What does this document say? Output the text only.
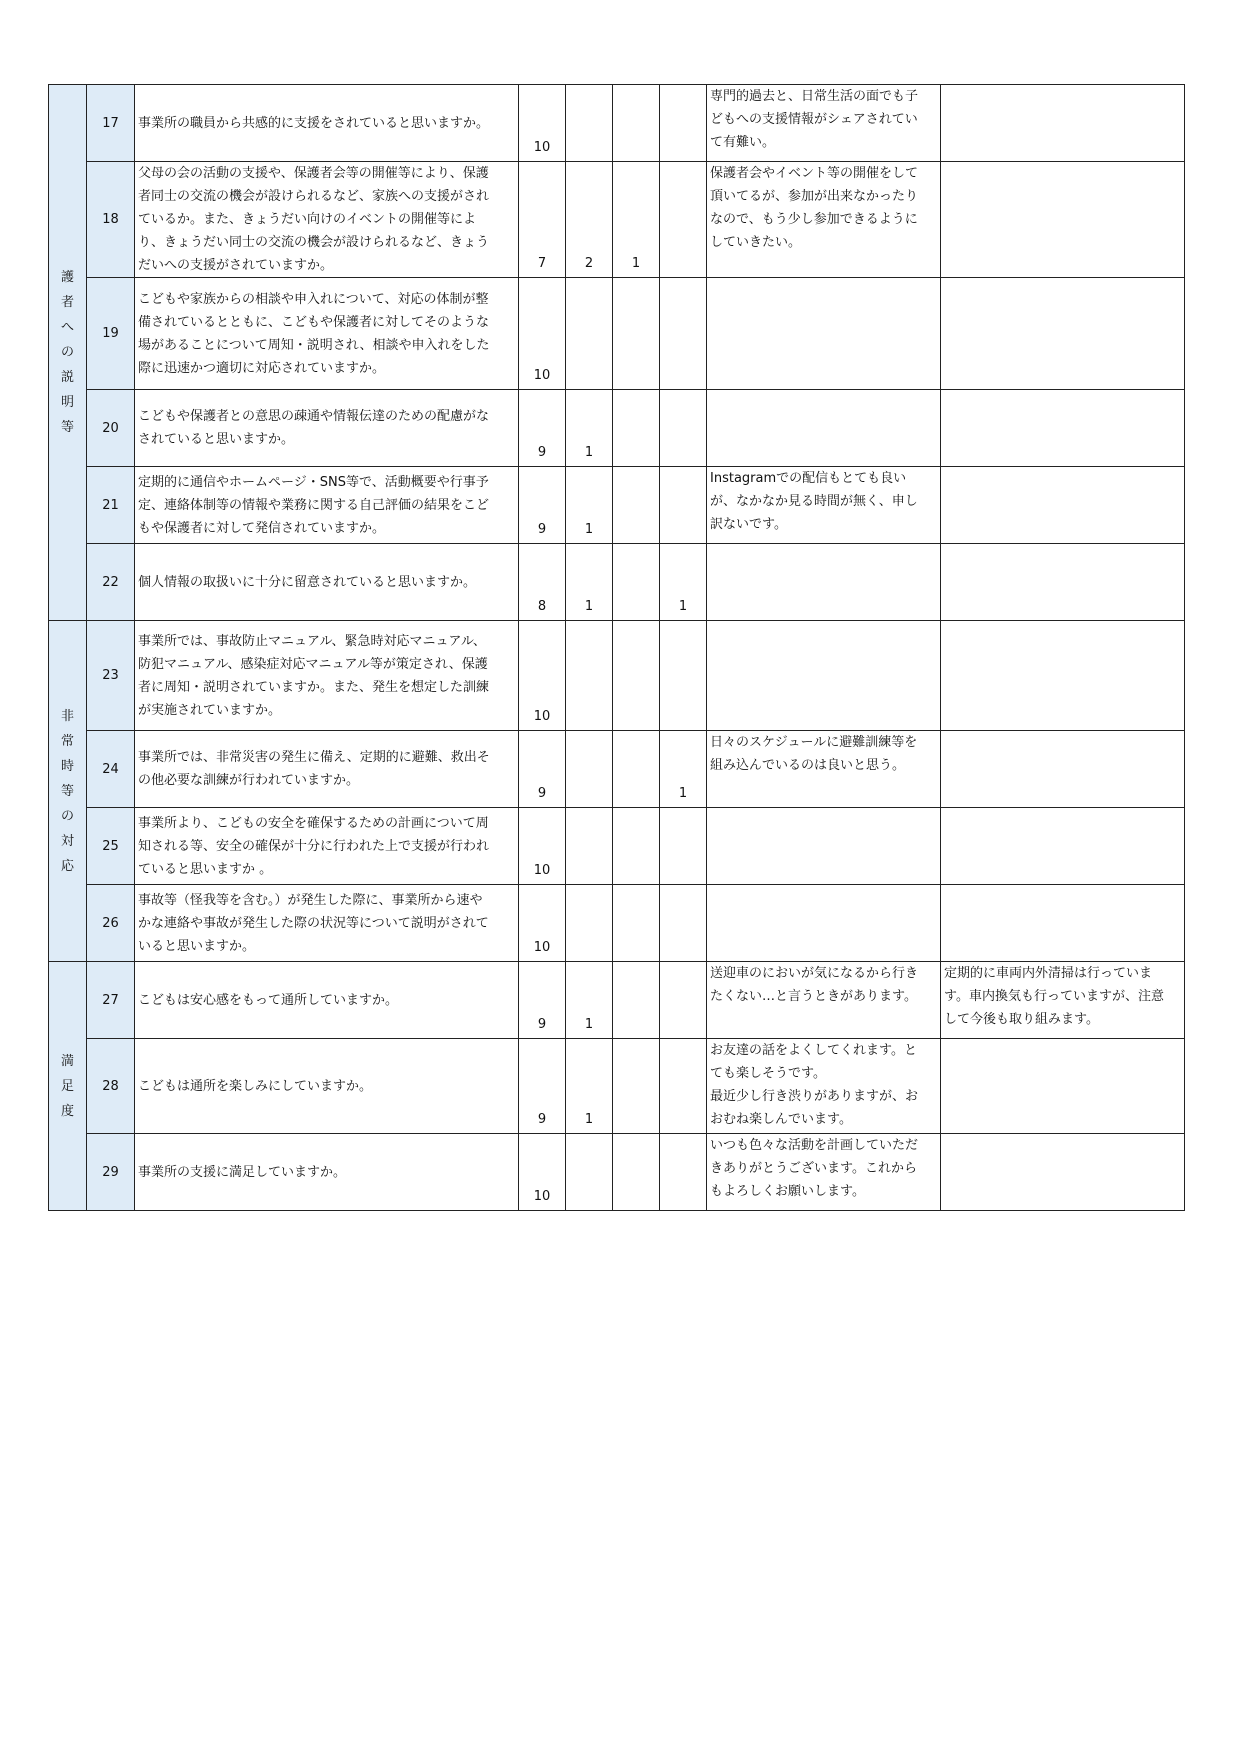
護者への説明等	17	事業所の職員から共感的に支援をされていると思いますか。	10				専門的過去と、日常生活の面でも子
どもへの支援情報がシェアされてい
て有難い。	
	18	父母の会の活動の支援や、保護者会等の開催等により、保護
者同士の交流の機会が設けられるなど、家族への支援がされ
ているか。また、きょうだい向けのイベントの開催等によ
り、きょうだい同士の交流の機会が設けられるなど、きょう
だいへの支援がされていますか。	7	2	1		保護者会やイベント等の開催をして
頂いてるが、参加が出来なかったり
なので、もう少し参加できるように
していきたい。	
	19	こどもや家族からの相談や申入れについて、対応の体制が整
備されているとともに、こどもや保護者に対してそのような
場があることについて周知・説明され、相談や申入れをした
際に迅速かつ適切に対応されていますか。	10					
	20	こどもや保護者との意思の疎通や情報伝達のための配慮がな
されていると思いますか。	9	1				
	21	定期的に通信やホームページ・SNS等で、活動概要や行事予
定、連絡体制等の情報や業務に関する自己評価の結果をこど
もや保護者に対して発信されていますか。	9	1			Instagramでの配信もとても良い
が、なかなか見る時間が無く、申し
訳ないです。	
	22	個人情報の取扱いに十分に留意されていると思いますか。	8	1		1		
非常時等の対応	23	事業所では、事故防止マニュアル、緊急時対応マニュアル、
防犯マニュアル、感染症対応マニュアル等が策定され、保護
者に周知・説明されていますか。また、発生を想定した訓練
が実施されていますか。	10					
	24	事業所では、非常災害の発生に備え、定期的に避難、救出そ
の他必要な訓練が行われていますか。	9			1	日々のスケジュールに避難訓練等を
組み込んでいるのは良いと思う。	
	25	事業所より、こどもの安全を確保するための計画について周
知される等、安全の確保が十分に行われた上で支援が行われ
ていると思いますか 。	10					
	26	事故等（怪我等を含む。）が発生した際に、事業所から速や
かな連絡や事故が発生した際の状況等について説明がされて
いると思いますか。	10					
満足度	27	こどもは安心感をもって通所していますか。	9	1			送迎車のにおいが気になるから行き
たくない…と言うときがあります。	定期的に車両内外清掃は行っていま
す。車内換気も行っていますが、注意
して今後も取り組みます。
	28	こどもは通所を楽しみにしていますか。	9	1			お友達の話をよくしてくれます。と
ても楽しそうです。
最近少し行き渋りがありますが、お
おむね楽しんでいます。	
	29	事業所の支援に満足していますか。	10				いつも色々な活動を計画していただ
きありがとうございます。これから
もよろしくお願いします。	
